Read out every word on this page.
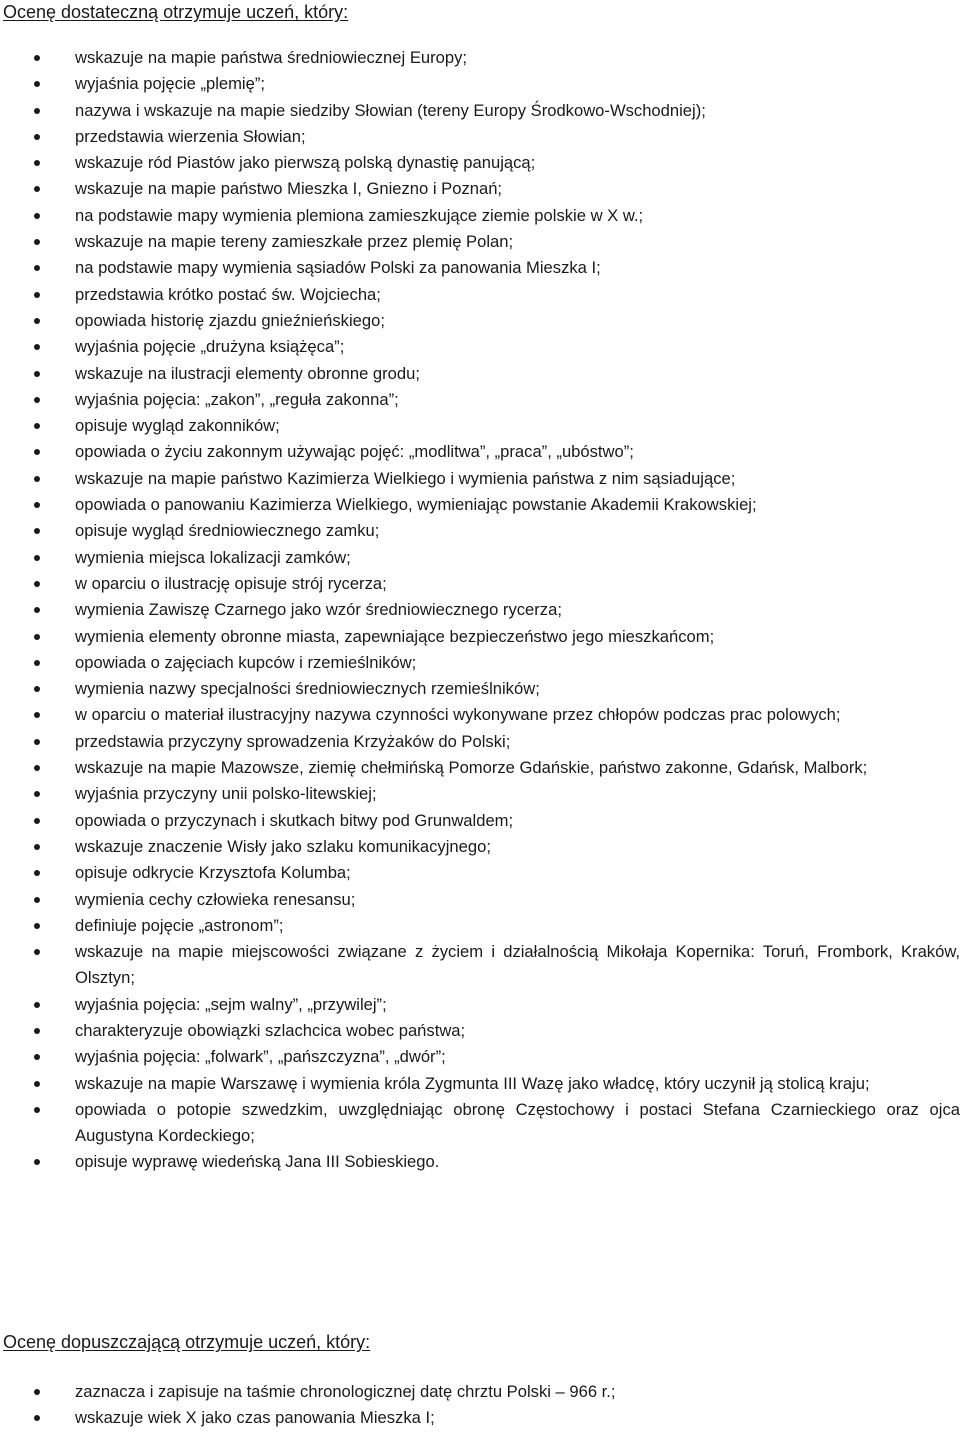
Ocenę dostateczną otrzymuje uczeń, który:
wskazuje na mapie państwa średniowiecznej Europy;
wyjaśnia pojęcie „plemię”;
nazywa i wskazuje na mapie siedziby Słowian (tereny Europy Środkowo-Wschodniej);
przedstawia wierzenia Słowian;
wskazuje ród Piastów jako pierwszą polską dynastię panującą;
wskazuje na mapie państwo Mieszka I, Gniezno i Poznań;
na podstawie mapy wymienia plemiona zamieszkujące ziemie polskie w X w.;
wskazuje na mapie tereny zamieszkałe przez plemię Polan;
na podstawie mapy wymienia sąsiadów Polski za panowania Mieszka I;
przedstawia krótko postać św. Wojciecha;
opowiada historię zjazdu gnieźnieńskiego;
wyjaśnia pojęcie „drużyna książęca”;
wskazuje na ilustracji elementy obronne grodu;
wyjaśnia pojęcia: „zakon”, „reguła zakonna”;
opisuje wygląd zakonników;
opowiada o życiu zakonnym używając pojęć: „modlitwa”, „praca”, „ubóstwo”;
wskazuje na mapie państwo Kazimierza Wielkiego i wymienia państwa z nim sąsiadujące;
opowiada o panowaniu Kazimierza Wielkiego, wymieniając powstanie Akademii Krakowskiej;
opisuje wygląd średniowiecznego zamku;
wymienia miejsca lokalizacji zamków;
w oparciu o ilustrację opisuje strój rycerza;
wymienia Zawiszę Czarnego jako wzór średniowiecznego rycerza;
wymienia elementy obronne miasta, zapewniające bezpieczeństwo jego mieszkańcom;
opowiada o zajęciach kupców i rzemieślników;
wymienia nazwy specjalności średniowiecznych rzemieślników;
w oparciu o materiał ilustracyjny nazywa czynności wykonywane przez chłopów podczas prac polowych;
przedstawia przyczyny sprowadzenia Krzyżaków do Polski;
wskazuje na mapie Mazowsze, ziemię chełmińską Pomorze Gdańskie, państwo zakonne, Gdańsk, Malbork;
wyjaśnia przyczyny unii polsko-litewskiej;
opowiada o przyczynach i skutkach bitwy pod Grunwaldem;
wskazuje znaczenie Wisły jako szlaku komunikacyjnego;
opisuje odkrycie Krzysztofa Kolumba;
wymienia cechy człowieka renesansu;
definiuje pojęcie „astronom”;
wskazuje na mapie miejscowości związane z życiem i działalnością Mikołaja Kopernika: Toruń, Frombork, Kraków, Olsztyn;
wyjaśnia pojęcia: „sejm walny”, „przywilej”;
charakteryzuje obowiązki szlachcica wobec państwa;
wyjaśnia pojęcia: „folwark”, „pańszczyzna”, „dwór”;
wskazuje na mapie Warszawę i wymienia króla Zygmunta III Wazę jako władcę, który uczynił ją stolicą kraju;
opowiada o potopie szwedzkim, uwzględniając obronę Częstochowy i postaci Stefana Czarnieckiego oraz ojca Augustyna Kordeckiego;
opisuje wyprawę wiedeńską Jana III Sobieskiego.
Ocenę dopuszczającą otrzymuje uczeń, który:
zaznacza i zapisuje na taśmie chronologicznej datę chrztu Polski – 966 r.;
wskazuje wiek X jako czas panowania Mieszka I;
